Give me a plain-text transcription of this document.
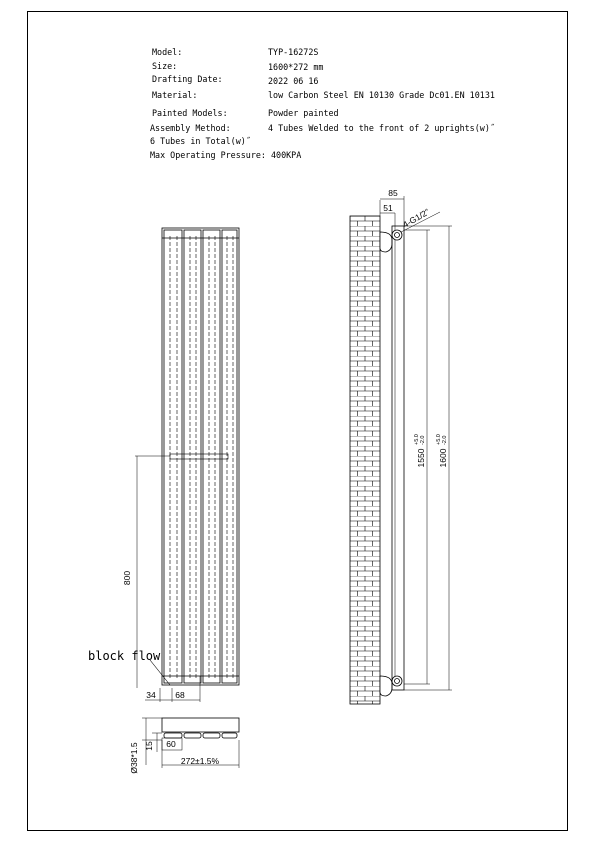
Model:	TYP-16272S
Size:	1600*272 mm
Drafting Date:	2022 06 16
Material:	low Carbon Steel EN 10130 Grade Dc01.EN 10131
Painted Models:	Powder painted
Assembly Method:	4 Tubes Welded to the front of 2 uprights(w)˝
6 Tubes in Total(w)˝
Max Operating Pressure: 400KPA
800
34 68
block flow
Ø38*1.5 15 60
272±1.5%
85
51 4-G1/2"
1550
+5.0 -2.0
1600
+5.0 -2.0
